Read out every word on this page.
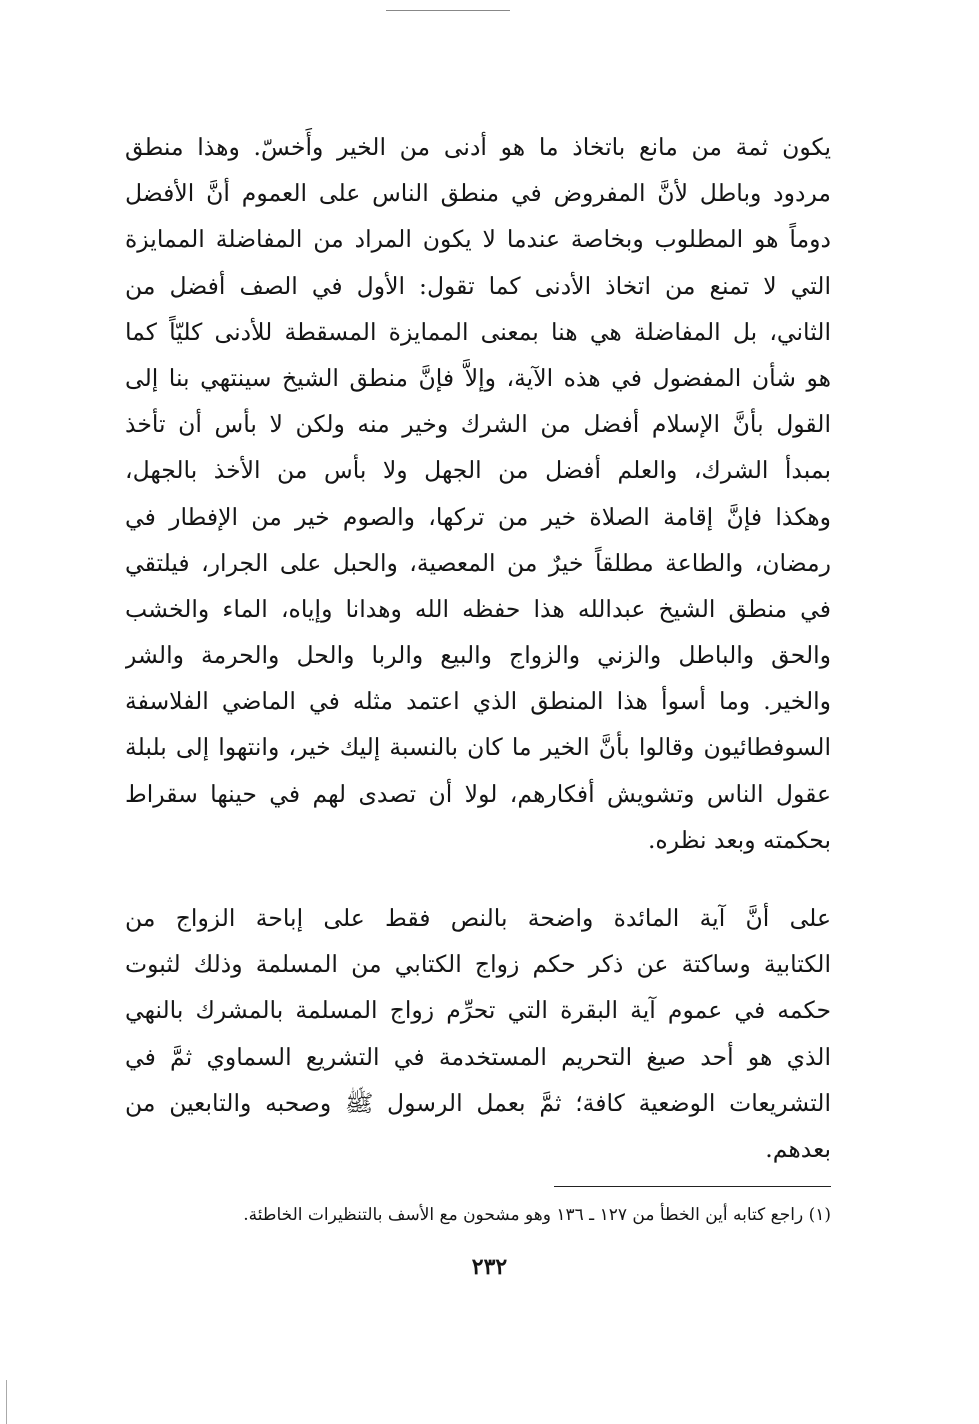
يكون ثمة من مانع باتخاذ ما هو أدنى من الخير وأَخسّ. وهذا منطق
مردود وباطل لأنَّ المفروض في منطق الناس على العموم أنَّ الأفضل
دوماً هو المطلوب وبخاصة عندما لا يكون المراد من المفاضلة الممايزة
التي لا تمنع من اتخاذ الأدنى كما تقول: الأول في الصف أفضل من
الثاني، بل المفاضلة هي هنا بمعنى الممايزة المسقطة للأدنى كليّاً كما
هو شأن المفضول في هذه الآية، وإلاَّ فإنَّ منطق الشيخ سينتهي بنا إلى
القول بأنَّ الإسلام أفضل من الشرك وخير منه ولكن لا بأس أن تأخذ
بمبدأ الشرك، والعلم أفضل من الجهل ولا بأس من الأخذ بالجهل،
وهكذا فإنَّ إقامة الصلاة خير من تركها، والصوم خير من الإفطار في
رمضان، والطاعة مطلقاً خيرٌ من المعصية، والحبل على الجرار، فيلتقي
في منطق الشيخ عبدالله هذا حفظه الله وهدانا وإياه، الماء والخشب
والحق والباطل والزني والزواج والبيع والربا والحل والحرمة والشر
والخير. وما أسوأ هذا المنطق الذي اعتمد مثله في الماضي الفلاسفة
السوفطائيون وقالوا بأنَّ الخير ما كان بالنسبة إليك خير، وانتهوا إلى بلبلة
عقول الناس وتشويش أفكارهم، لولا أن تصدى لهم في حينها سقراط
بحكمته وبعد نظره.
على أنَّ آية المائدة واضحة بالنص فقط على إباحة الزواج من
الكتابية وساكتة عن ذكر حكم زواج الكتابي من المسلمة وذلك لثبوت
حكمه في عموم آية البقرة التي تحرِّم زواج المسلمة بالمشرك بالنهي
الذي هو أحد صيغ التحريم المستخدمة في التشريع السماوي ثمَّ في
التشريعات الوضعية كافة؛ ثمَّ بعمل الرسول ﷺ وصحبه والتابعين من
بعدهم.
(١) راجع كتابه أين الخطأ من ١٢٧ ـ ١٣٦ وهو مشحون مع الأسف بالتنظيرات الخاطئة.
٢٣٢
